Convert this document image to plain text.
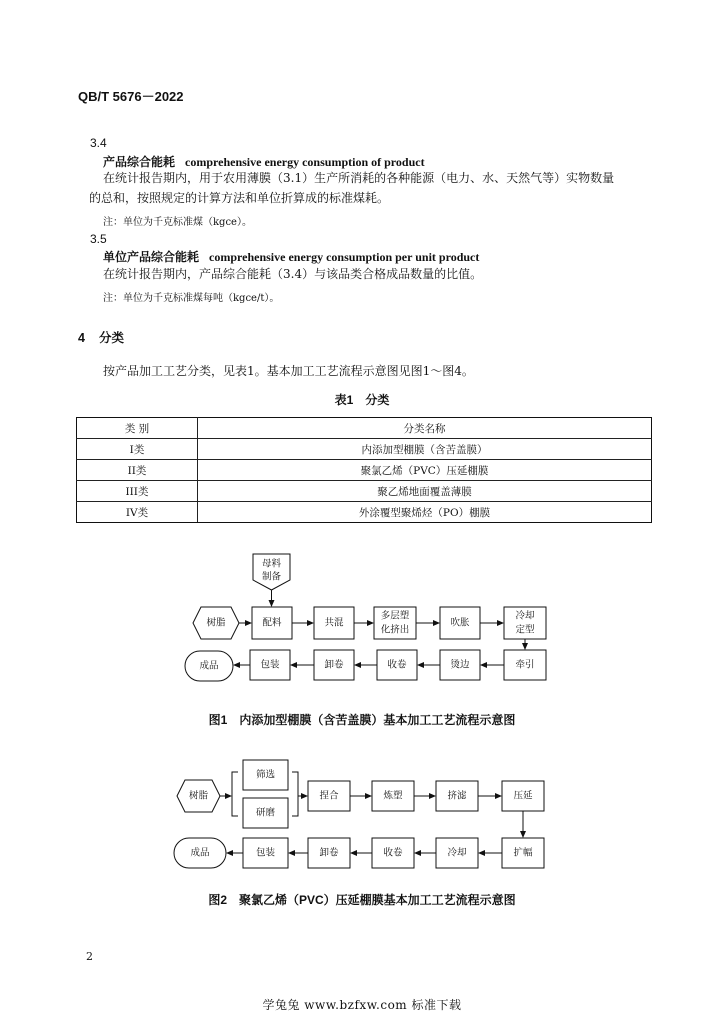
QB/T 5676－2022
3.4
产品综合能耗 comprehensive energy consumption of product
在统计报告期内，用于农用薄膜（3.1）生产所消耗的各种能源（电力、水、天然气等）实物数量
的总和，按照规定的计算方法和单位折算成的标准煤耗。
注：单位为千克标准煤（kgce）。
3.5
单位产品综合能耗 comprehensive energy consumption per unit product
在统计报告期内，产品综合能耗（3.4）与该品类合格成品数量的比值。
注：单位为千克标准煤每吨（kgce/t）。
4 分类
按产品加工工艺分类，见表1。基本加工工艺流程示意图见图1～图4。
表1　分类
类 别	分类名称
I类	内添加型棚膜（含苦盖膜）
II类	聚氯乙烯（PVC）压延棚膜
III类	聚乙烯地面覆盖薄膜
IV类	外涂覆型聚烯烃（PO）棚膜
母料
制备
树脂	配料	共混
多层塑
化挤出
吹胀
冷却
定型
牵引
烫边
收卷
卸卷
包装
成品
图1　内添加型棚膜（含苦盖膜）基本加工工艺流程示意图
树脂
筛选
研磨
捏合	炼塑	挤滤	压延
扩幅
冷却
收卷
卸卷
包装
成品
图2　聚氯乙烯（PVC）压延棚膜基本加工工艺流程示意图
2
学兔兔 www.bzfxw.com 标准下载
